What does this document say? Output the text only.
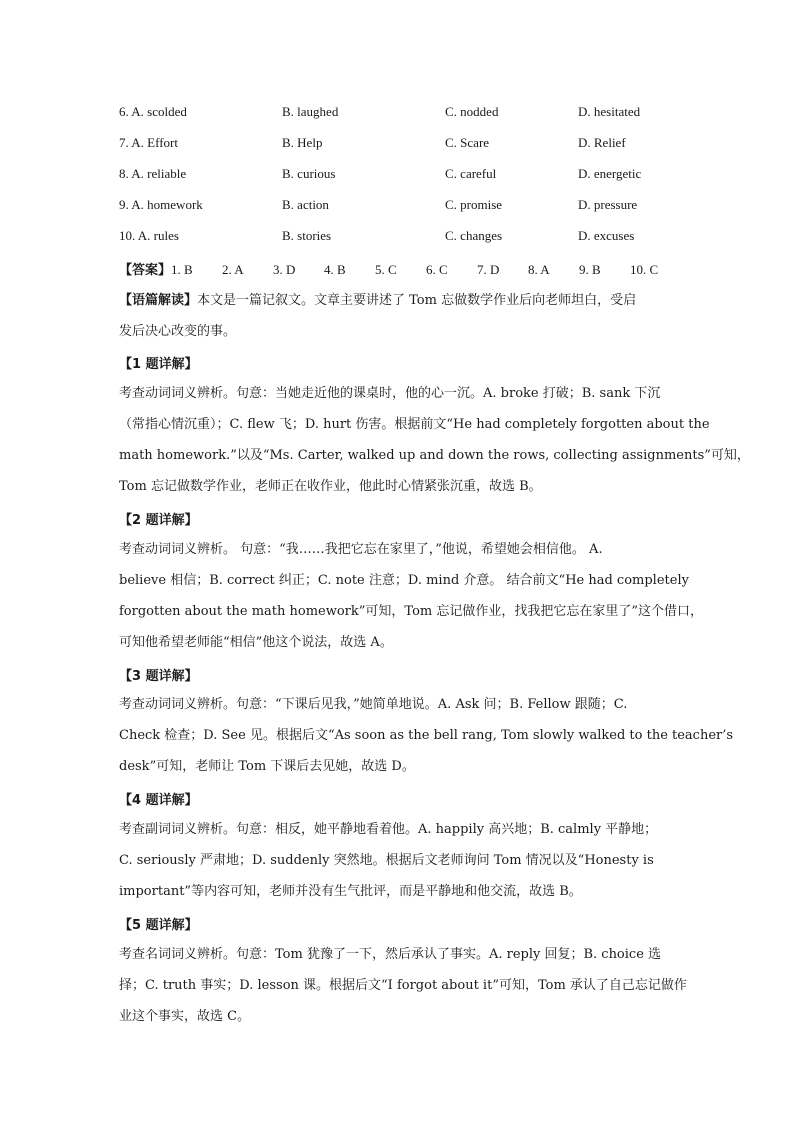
6. A. scolded	B. laughed	C. nodded	D. hesitated
7. A. Effort	B. Help	C. Scare	D. Relief
8. A. reliable	B. curious	C. careful	D. energetic
9. A. homework	B. action	C. promise	D. pressure
10. A. rules	B. stories	C. changes	D. excuses
【答案】1. B 2. A 3. D 4. B 5. C 6. C 7. D 8. A 9. B 10. C
【语篇解读】本文是一篇记叙文。文章主要讲述了 Tom 忘做数学作业后向老师坦白，受启
发后决心改变的事。
【1 题详解】
考查动词词义辨析。句意：当她走近他的课桌时，他的心一沉。A. broke 打破；B. sank 下沉
（常指心情沉重）；C. flew 飞；D. hurt 伤害。根据前文“He had completely forgotten about the
math homework.”以及“Ms. Carter, walked up and down the rows, collecting assignments”可知，
Tom 忘记做数学作业，老师正在收作业，他此时心情紧张沉重，故选 B。
【2 题详解】
考查动词词义辨析。 句意：“我……我把它忘在家里了，”他说，希望她会相信他。 A.
believe 相信；B. correct 纠正；C. note 注意；D. mind 介意。 结合前文“He had completely
forgotten about the math homework”可知，Tom 忘记做作业，找我把它忘在家里了”这个借口，
可知他希望老师能“相信”他这个说法，故选 A。
【3 题详解】
考查动词词义辨析。句意：“下课后见我，”她简单地说。A. Ask 问；B. Fellow 跟随；C.
Check 检查；D. See 见。根据后文“As soon as the bell rang, Tom slowly walked to the teacher’s
desk”可知，老师让 Tom 下课后去见她，故选 D。
【4 题详解】
考查副词词义辨析。句意：相反，她平静地看着他。A. happily 高兴地；B. calmly 平静地；
C. seriously 严肃地；D. suddenly 突然地。根据后文老师询问 Tom 情况以及“Honesty is
important”等内容可知，老师并没有生气批评，而是平静地和他交流，故选 B。
【5 题详解】
考查名词词义辨析。句意：Tom 犹豫了一下，然后承认了事实。A. reply 回复；B. choice 选
择；C. truth 事实；D. lesson 课。根据后文“I forgot about it”可知，Tom 承认了自己忘记做作
业这个事实，故选 C。
